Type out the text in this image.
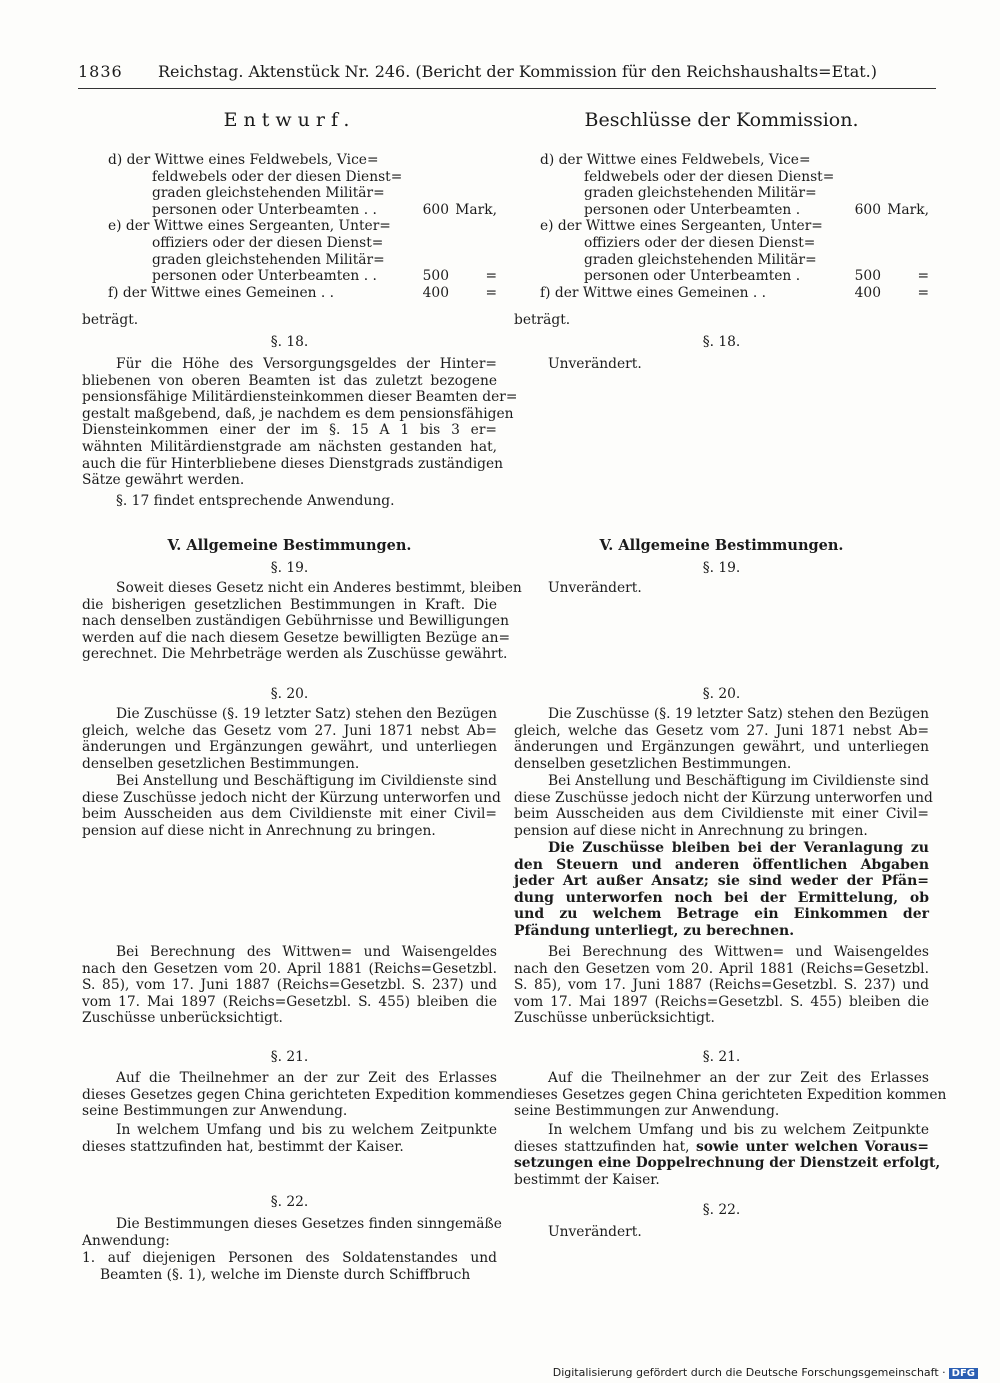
1836 Reichstag. Aktenstück Nr. 246. (Bericht der Kommission für den Reichshaushalts=Etat.)
Entwurf.
d) der Wittwe eines Feldwebels, Vice=
feldwebels oder der diesen Dienst=
graden gleichstehenden Militär=
personen oder Unterbeamten . .	600 Mark,
e) der Wittwe eines Sergeanten, Unter=
offiziers oder der diesen Dienst=
graden gleichstehenden Militär=
personen oder Unterbeamten . .	500	=
f) der Wittwe eines Gemeinen . .	400	=
beträgt.
§. 18.
Für die Höhe des Versorgungsgeldes der Hinter=
bliebenen von oberen Beamten ist das zuletzt bezogene
pensionsfähige Militärdiensteinkommen dieser Beamten der=
gestalt maßgebend, daß, je nachdem es dem pensionsfähigen
Diensteinkommen einer der im §. 15 A 1 bis 3 er=
wähnten Militärdienstgrade am nächsten gestanden hat,
auch die für Hinterbliebene dieses Dienstgrads zuständigen
Sätze gewährt werden.
§. 17 findet entsprechende Anwendung.
V. Allgemeine Bestimmungen.
§. 19.
Soweit dieses Gesetz nicht ein Anderes bestimmt, bleiben
die bisherigen gesetzlichen Bestimmungen in Kraft. Die
nach denselben zuständigen Gebührnisse und Bewilligungen
werden auf die nach diesem Gesetze bewilligten Bezüge an=
gerechnet. Die Mehrbeträge werden als Zuschüsse gewährt.
§. 20.
Die Zuschüsse (§. 19 letzter Satz) stehen den Bezügen
gleich, welche das Gesetz vom 27. Juni 1871 nebst Ab=
änderungen und Ergänzungen gewährt, und unterliegen
denselben gesetzlichen Bestimmungen.
Bei Anstellung und Beschäftigung im Civildienste sind
diese Zuschüsse jedoch nicht der Kürzung unterworfen und
beim Ausscheiden aus dem Civildienste mit einer Civil=
pension auf diese nicht in Anrechnung zu bringen.
Bei Berechnung des Wittwen= und Waisengeldes
nach den Gesetzen vom 20. April 1881 (Reichs=Gesetzbl.
S. 85), vom 17. Juni 1887 (Reichs=Gesetzbl. S. 237) und
vom 17. Mai 1897 (Reichs=Gesetzbl. S. 455) bleiben die
Zuschüsse unberücksichtigt.
§. 21.
Auf die Theilnehmer an der zur Zeit des Erlasses
dieses Gesetzes gegen China gerichteten Expedition kommen
seine Bestimmungen zur Anwendung.
In welchem Umfang und bis zu welchem Zeitpunkte
dieses stattzufinden hat, bestimmt der Kaiser.
§. 22.
Die Bestimmungen dieses Gesetzes finden sinngemäße
Anwendung:
1. auf diejenigen Personen des Soldatenstandes und
Beamten (§. 1), welche im Dienste durch Schiffbruch
Beschlüsse der Kommission.
d) der Wittwe eines Feldwebels, Vice=
feldwebels oder der diesen Dienst=
graden gleichstehenden Militär=
personen oder Unterbeamten .	600 Mark,
e) der Wittwe eines Sergeanten, Unter=
offiziers oder der diesen Dienst=
graden gleichstehenden Militär=
personen oder Unterbeamten .	500	=
f) der Wittwe eines Gemeinen . .	400	=
beträgt.
§. 18.
Unverändert.
V. Allgemeine Bestimmungen.
§. 19.
Unverändert.
§. 20.
Die Zuschüsse (§. 19 letzter Satz) stehen den Bezügen
gleich, welche das Gesetz vom 27. Juni 1871 nebst Ab=
änderungen und Ergänzungen gewährt, und unterliegen
denselben gesetzlichen Bestimmungen.
Bei Anstellung und Beschäftigung im Civildienste sind
diese Zuschüsse jedoch nicht der Kürzung unterworfen und
beim Ausscheiden aus dem Civildienste mit einer Civil=
pension auf diese nicht in Anrechnung zu bringen.
Die Zuschüsse bleiben bei der Veranlagung zu
den Steuern und anderen öffentlichen Abgaben
jeder Art außer Ansatz; sie sind weder der Pfän=
dung unterworfen noch bei der Ermittelung, ob
und zu welchem Betrage ein Einkommen der
Pfändung unterliegt, zu berechnen.
Bei Berechnung des Wittwen= und Waisengeldes
nach den Gesetzen vom 20. April 1881 (Reichs=Gesetzbl.
S. 85), vom 17. Juni 1887 (Reichs=Gesetzbl. S. 237) und
vom 17. Mai 1897 (Reichs=Gesetzbl. S. 455) bleiben die
Zuschüsse unberücksichtigt.
§. 21.
Auf die Theilnehmer an der zur Zeit des Erlasses
dieses Gesetzes gegen China gerichteten Expedition kommen
seine Bestimmungen zur Anwendung.
In welchem Umfang und bis zu welchem Zeitpunkte
dieses stattzufinden hat, sowie unter welchen Voraus=
setzungen eine Doppelrechnung der Dienstzeit erfolgt,
bestimmt der Kaiser.
§. 22.
Unverändert.
Digitalisierung gefördert durch die Deutsche Forschungsgemeinschaft · DFG
